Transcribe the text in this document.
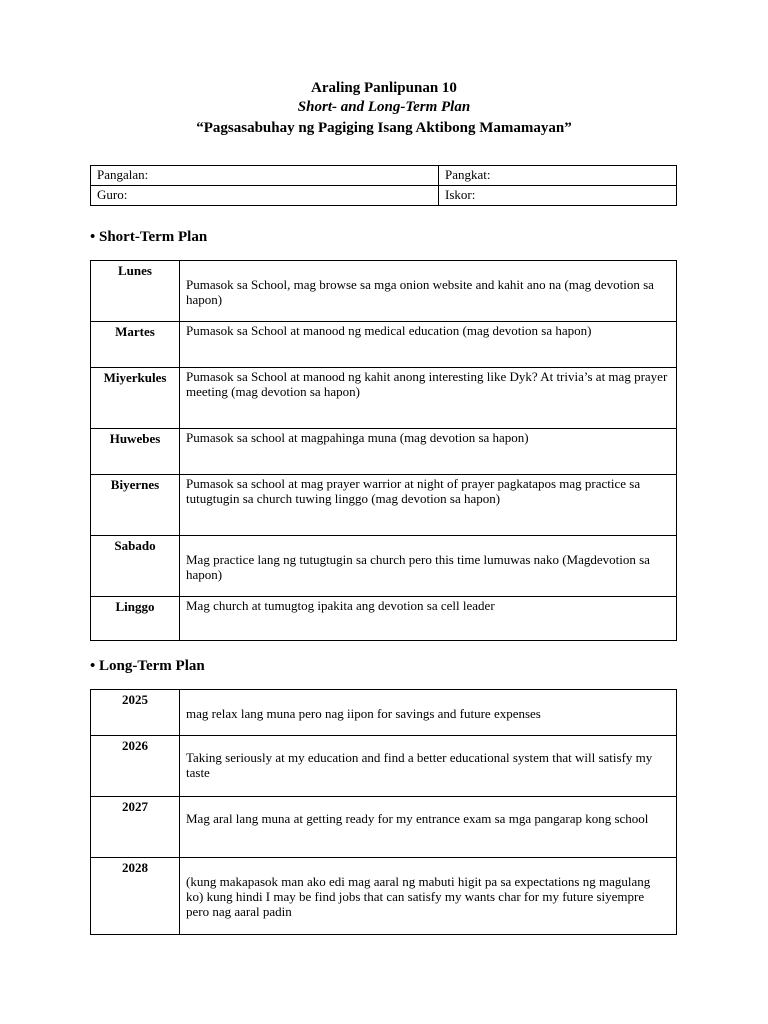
Araling Panlipunan 10
Short- and Long-Term Plan
“Pagsasabuhay ng Pagiging Isang Aktibong Mamamayan”
Pangalan:	Pangkat:
Guro:	Iskor:
• Short-Term Plan
Lunes	Pumasok sa School, mag browse sa mga onion website and kahit ano na (mag devotion sa hapon)

Martes	Pumasok sa School at manood ng medical education (mag devotion sa hapon)

Miyerkules	Pumasok sa School at manood ng kahit anong interesting like Dyk? At trivia’s at mag prayer meeting (mag devotion sa hapon)

Huwebes	Pumasok sa school at magpahinga muna (mag devotion sa hapon)

Biyernes	Pumasok sa school at mag prayer warrior at night of prayer pagkatapos mag practice sa tutugtugin sa church tuwing linggo (mag devotion sa hapon)

Sabado	Mag practice lang ng tutugtugin sa church pero this time lumuwas nako (Magdevotion sa hapon)

Linggo	Mag church at tumugtog ipakita ang devotion sa cell leader
• Long-Term Plan
2025	mag relax lang muna pero nag iipon for savings and future expenses

2026	Taking seriously at my education and find a better educational system that will satisfy my taste

2027	Mag aral lang muna at getting ready for my entrance exam sa mga pangarap kong school

2028	(kung makapasok man ako edi mag aaral ng mabuti higit pa sa expectations ng magulang ko) kung hindi I may be find jobs that can satisfy my wants char for my future siyempre pero nag aaral padin
